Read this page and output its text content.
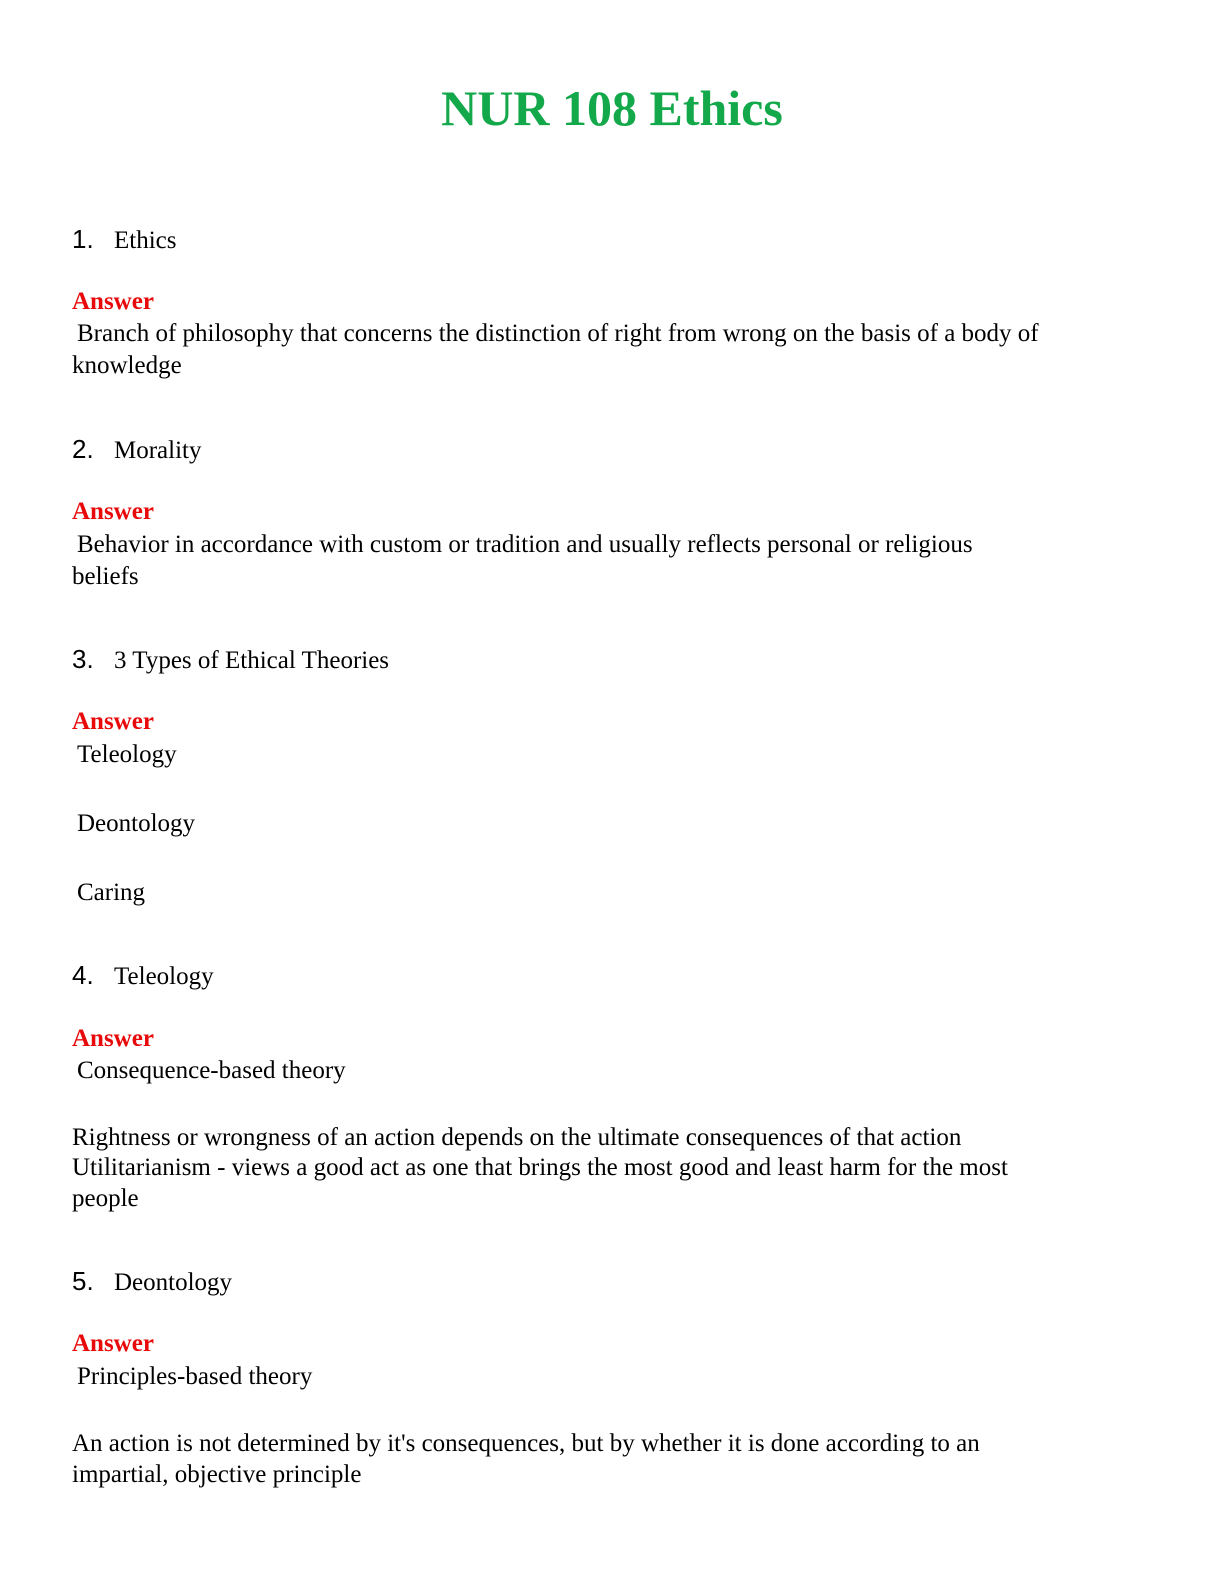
NUR 108 Ethics
1. Ethics
Answer
Branch of philosophy that concerns the distinction of right from wrong on the basis of a body of
knowledge
2. Morality
Answer
Behavior in accordance with custom or tradition and usually reflects personal or religious
beliefs
3. 3 Types of Ethical Theories
Answer
Teleology
Deontology
Caring
4. Teleology
Answer
Consequence-based theory
Rightness or wrongness of an action depends on the ultimate consequences of that action
Utilitarianism - views a good act as one that brings the most good and least harm for the most
people
5. Deontology
Answer
Principles-based theory
An action is not determined by it's consequences, but by whether it is done according to an
impartial, objective principle
